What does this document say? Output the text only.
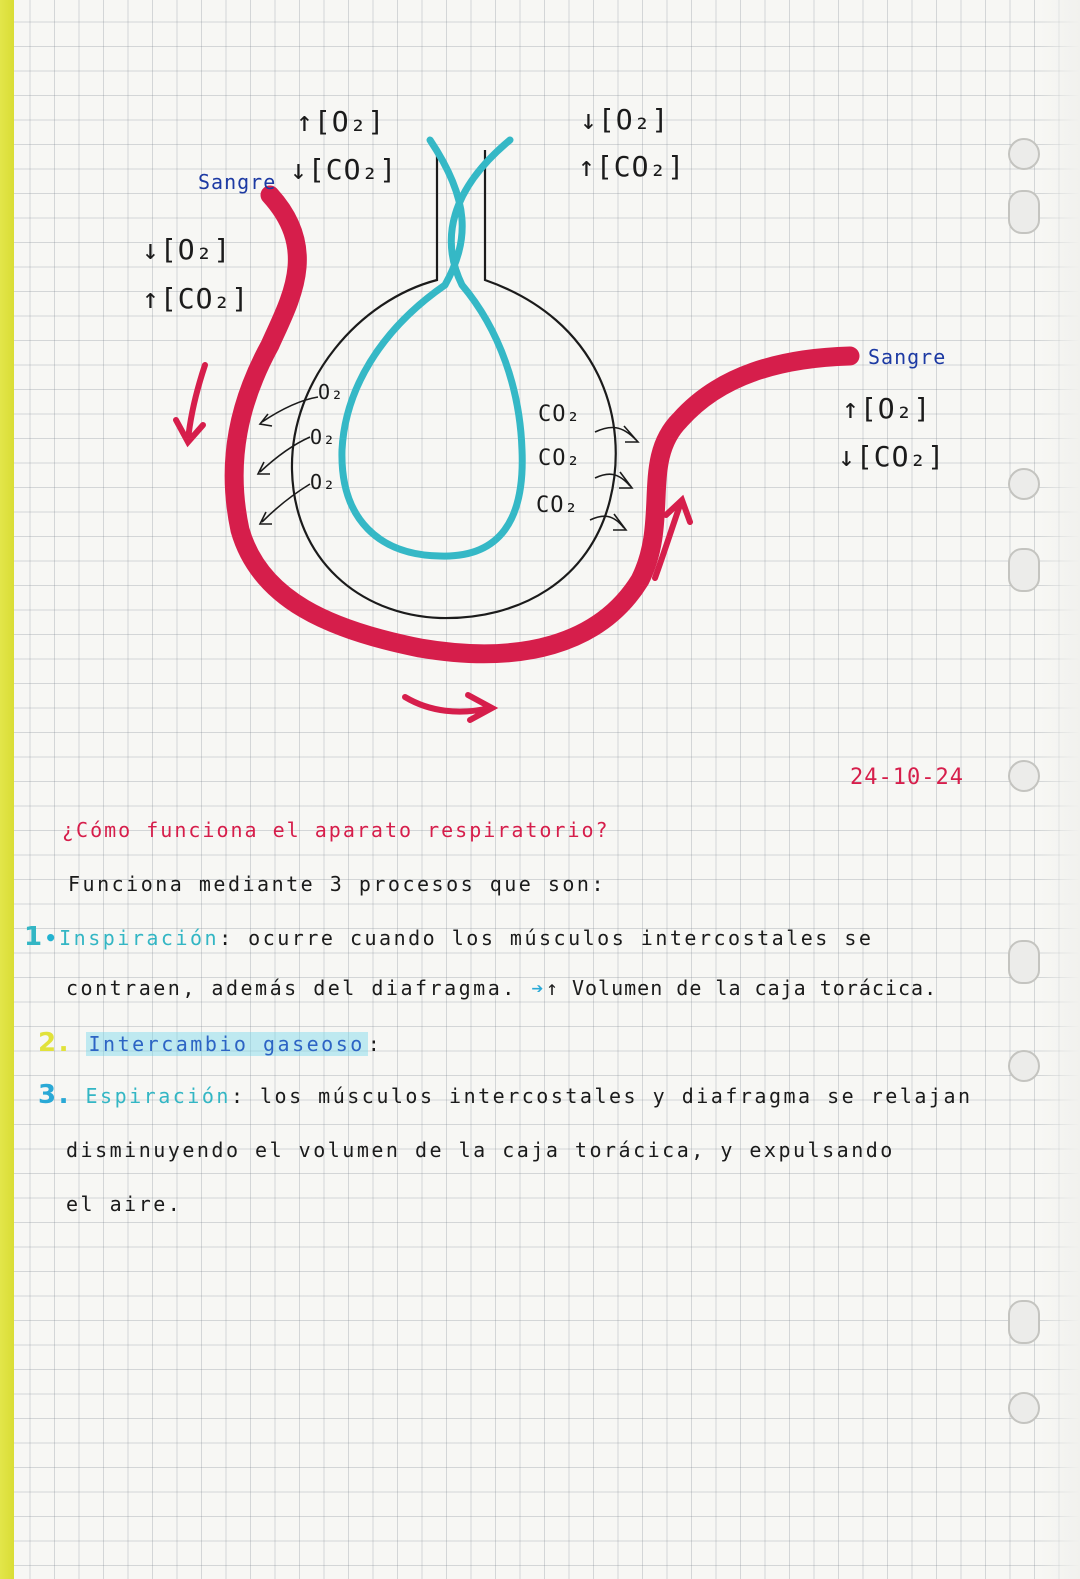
Sangre
↓[O₂]
↑[CO₂]
↑[O₂]
↓[CO₂]
↓[O₂]
↑[CO₂]
Sangre
↑[O₂]
↓[CO₂]
O₂
O₂
O₂
CO₂
CO₂
CO₂
24-10-24
¿Cómo funciona el aparato respiratorio?
Funciona mediante 3 procesos que son:
1•Inspiración: ocurre cuando los músculos intercostales se
contraen, además del diafragma. ➔↑ Volumen de la caja torácica.
2. Intercambio gaseoso :
3. Espiración: los músculos intercostales y diafragma se relajan
disminuyendo el volumen de la caja torácica, y expulsando
el aire.
